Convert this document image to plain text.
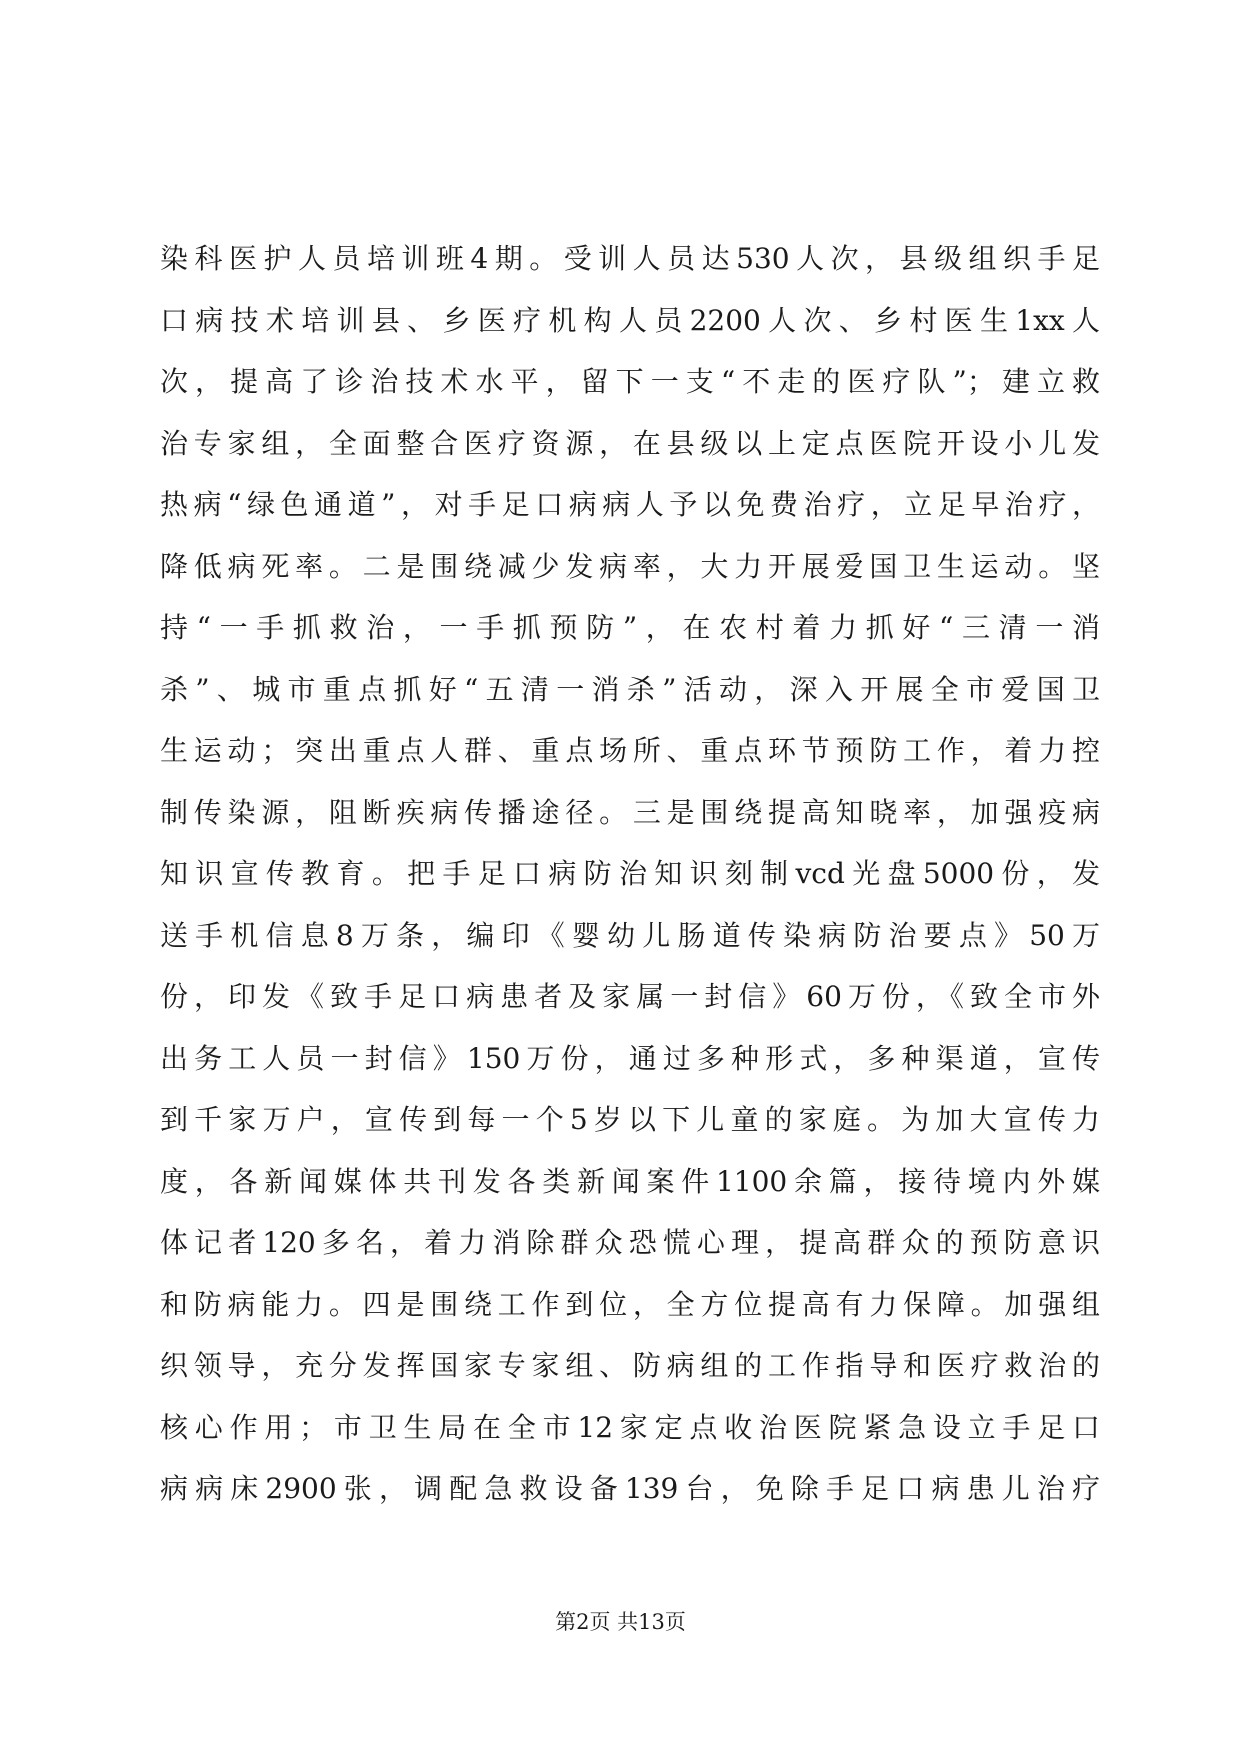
染科医护人员培训班4期。受训人员达530人次，县级组织手足
口病技术培训县、乡医疗机构人员2200人次、乡村医生1xx人
次，提高了诊治技术水平，留下一支“不走的医疗队”；建立救
治专家组，全面整合医疗资源，在县级以上定点医院开设小儿发
热病“绿色通道”，对手足口病病人予以免费治疗，立足早治疗，
降低病死率。二是围绕减少发病率，大力开展爱国卫生运动。坚
持“一手抓救治，一手抓预防”，在农村着力抓好“三清一消
杀”、城市重点抓好“五清一消杀”活动，深入开展全市爱国卫
生运动；突出重点人群、重点场所、重点环节预防工作，着力控
制传染源，阻断疾病传播途径。三是围绕提高知晓率，加强疫病
知识宣传教育。把手足口病防治知识刻制vcd光盘5000份，发
送手机信息8万条，编印《婴幼儿肠道传染病防治要点》50万
份，印发《致手足口病患者及家属一封信》60万份，《致全市外
出务工人员一封信》150万份，通过多种形式，多种渠道，宣传
到千家万户，宣传到每一个5岁以下儿童的家庭。为加大宣传力
度，各新闻媒体共刊发各类新闻案件1100余篇，接待境内外媒
体记者120多名，着力消除群众恐慌心理，提高群众的预防意识
和防病能力。四是围绕工作到位，全方位提高有力保障。加强组
织领导，充分发挥国家专家组、防病组的工作指导和医疗救治的
核心作用；市卫生局在全市12家定点收治医院紧急设立手足口
病病床2900张，调配急救设备139台，免除手足口病患儿治疗
第2页 共13页
